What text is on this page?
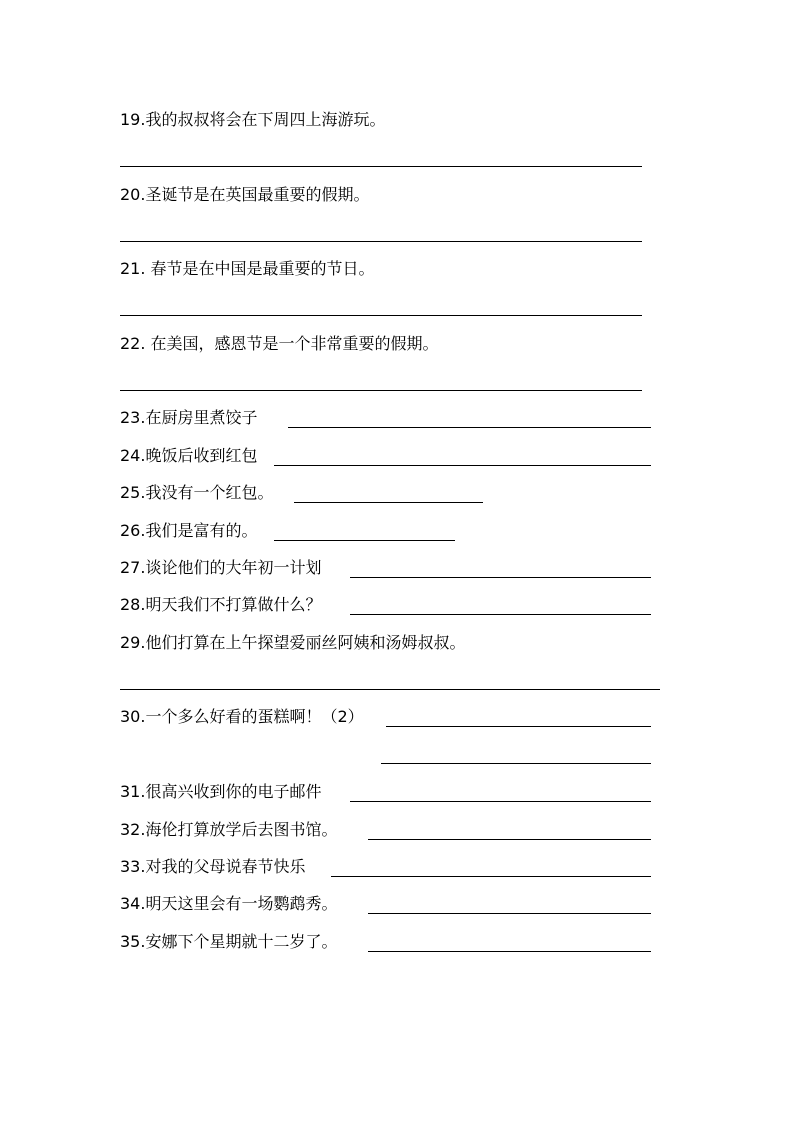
19.我的叔叔将会在下周四上海游玩。
20.圣诞节是在英国最重要的假期。
21. 春节是在中国是最重要的节日。
22. 在美国，感恩节是一个非常重要的假期。
23.在厨房里煮饺子
24.晚饭后收到红包
25.我没有一个红包。
26.我们是富有的。
27.谈论他们的大年初一计划
28.明天我们不打算做什么？
29.他们打算在上午探望爱丽丝阿姨和汤姆叔叔。
30.一个多么好看的蛋糕啊！（2）
31.很高兴收到你的电子邮件
32.海伦打算放学后去图书馆。
33.对我的父母说春节快乐
34.明天这里会有一场鹦鹉秀。
35.安娜下个星期就十二岁了。
